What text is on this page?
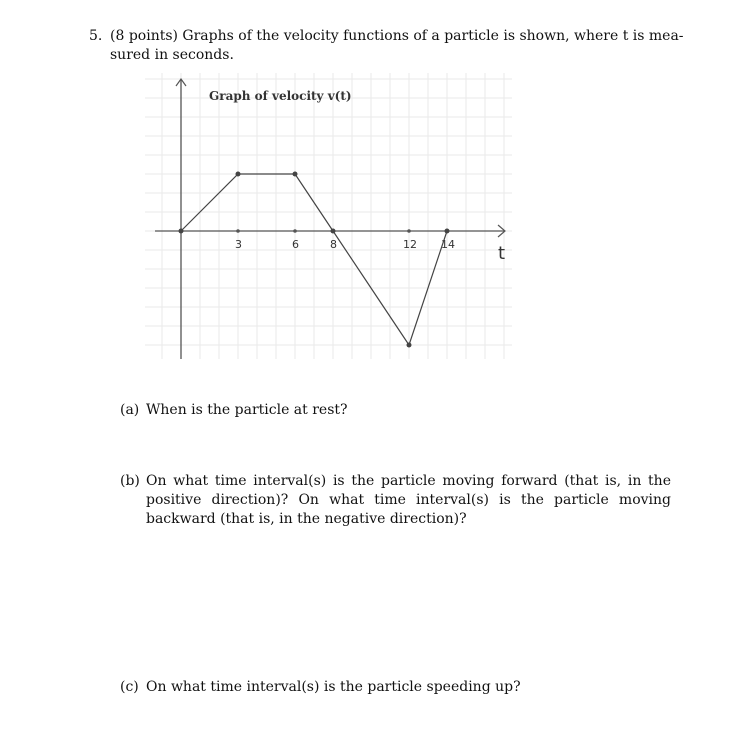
5. (8 points) Graphs of the velocity functions of a particle is shown, where t is mea-
sured in seconds.
Graph of velocity v(t)
t
3	6	8	12 14
(a) When is the particle at rest?
(b) On what time interval(s) is the particle moving forward (that is, in the positive direction)? On what time interval(s) is the particle moving backward (that is, in the negative direction)?
(c) On what time interval(s) is the particle speeding up?
